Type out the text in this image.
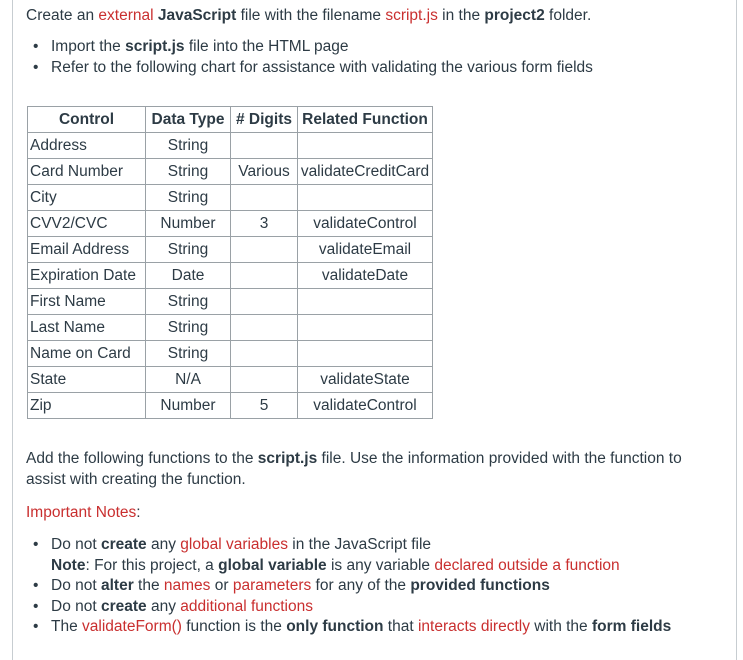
Create an external JavaScript file with the filename script.js in the project2 folder.

• Import the script.js file into the HTML page
• Refer to the following chart for assistance with validating the various form fields
Control	Data Type	# Digits	Related Function
Address	String		
Card Number	String	Various	validateCreditCard
City	String		
CVV2/CVC	Number	3	validateControl
Email Address	String		validateEmail
Expiration Date	Date		validateDate
First Name	String		
Last Name	String		
Name on Card	String		
State	N/A		validateState
Zip	Number	5	validateControl

Add the following functions to the script.js file. Use the information provided with the function to assist with creating the function.

Important Notes:

• Do not create any global variables in the JavaScript file
Note: For this project, a global variable is any variable declared outside a function
• Do not alter the names or parameters for any of the provided functions
• Do not create any additional functions
• The validateForm() function is the only function that interacts directly with the form fields
